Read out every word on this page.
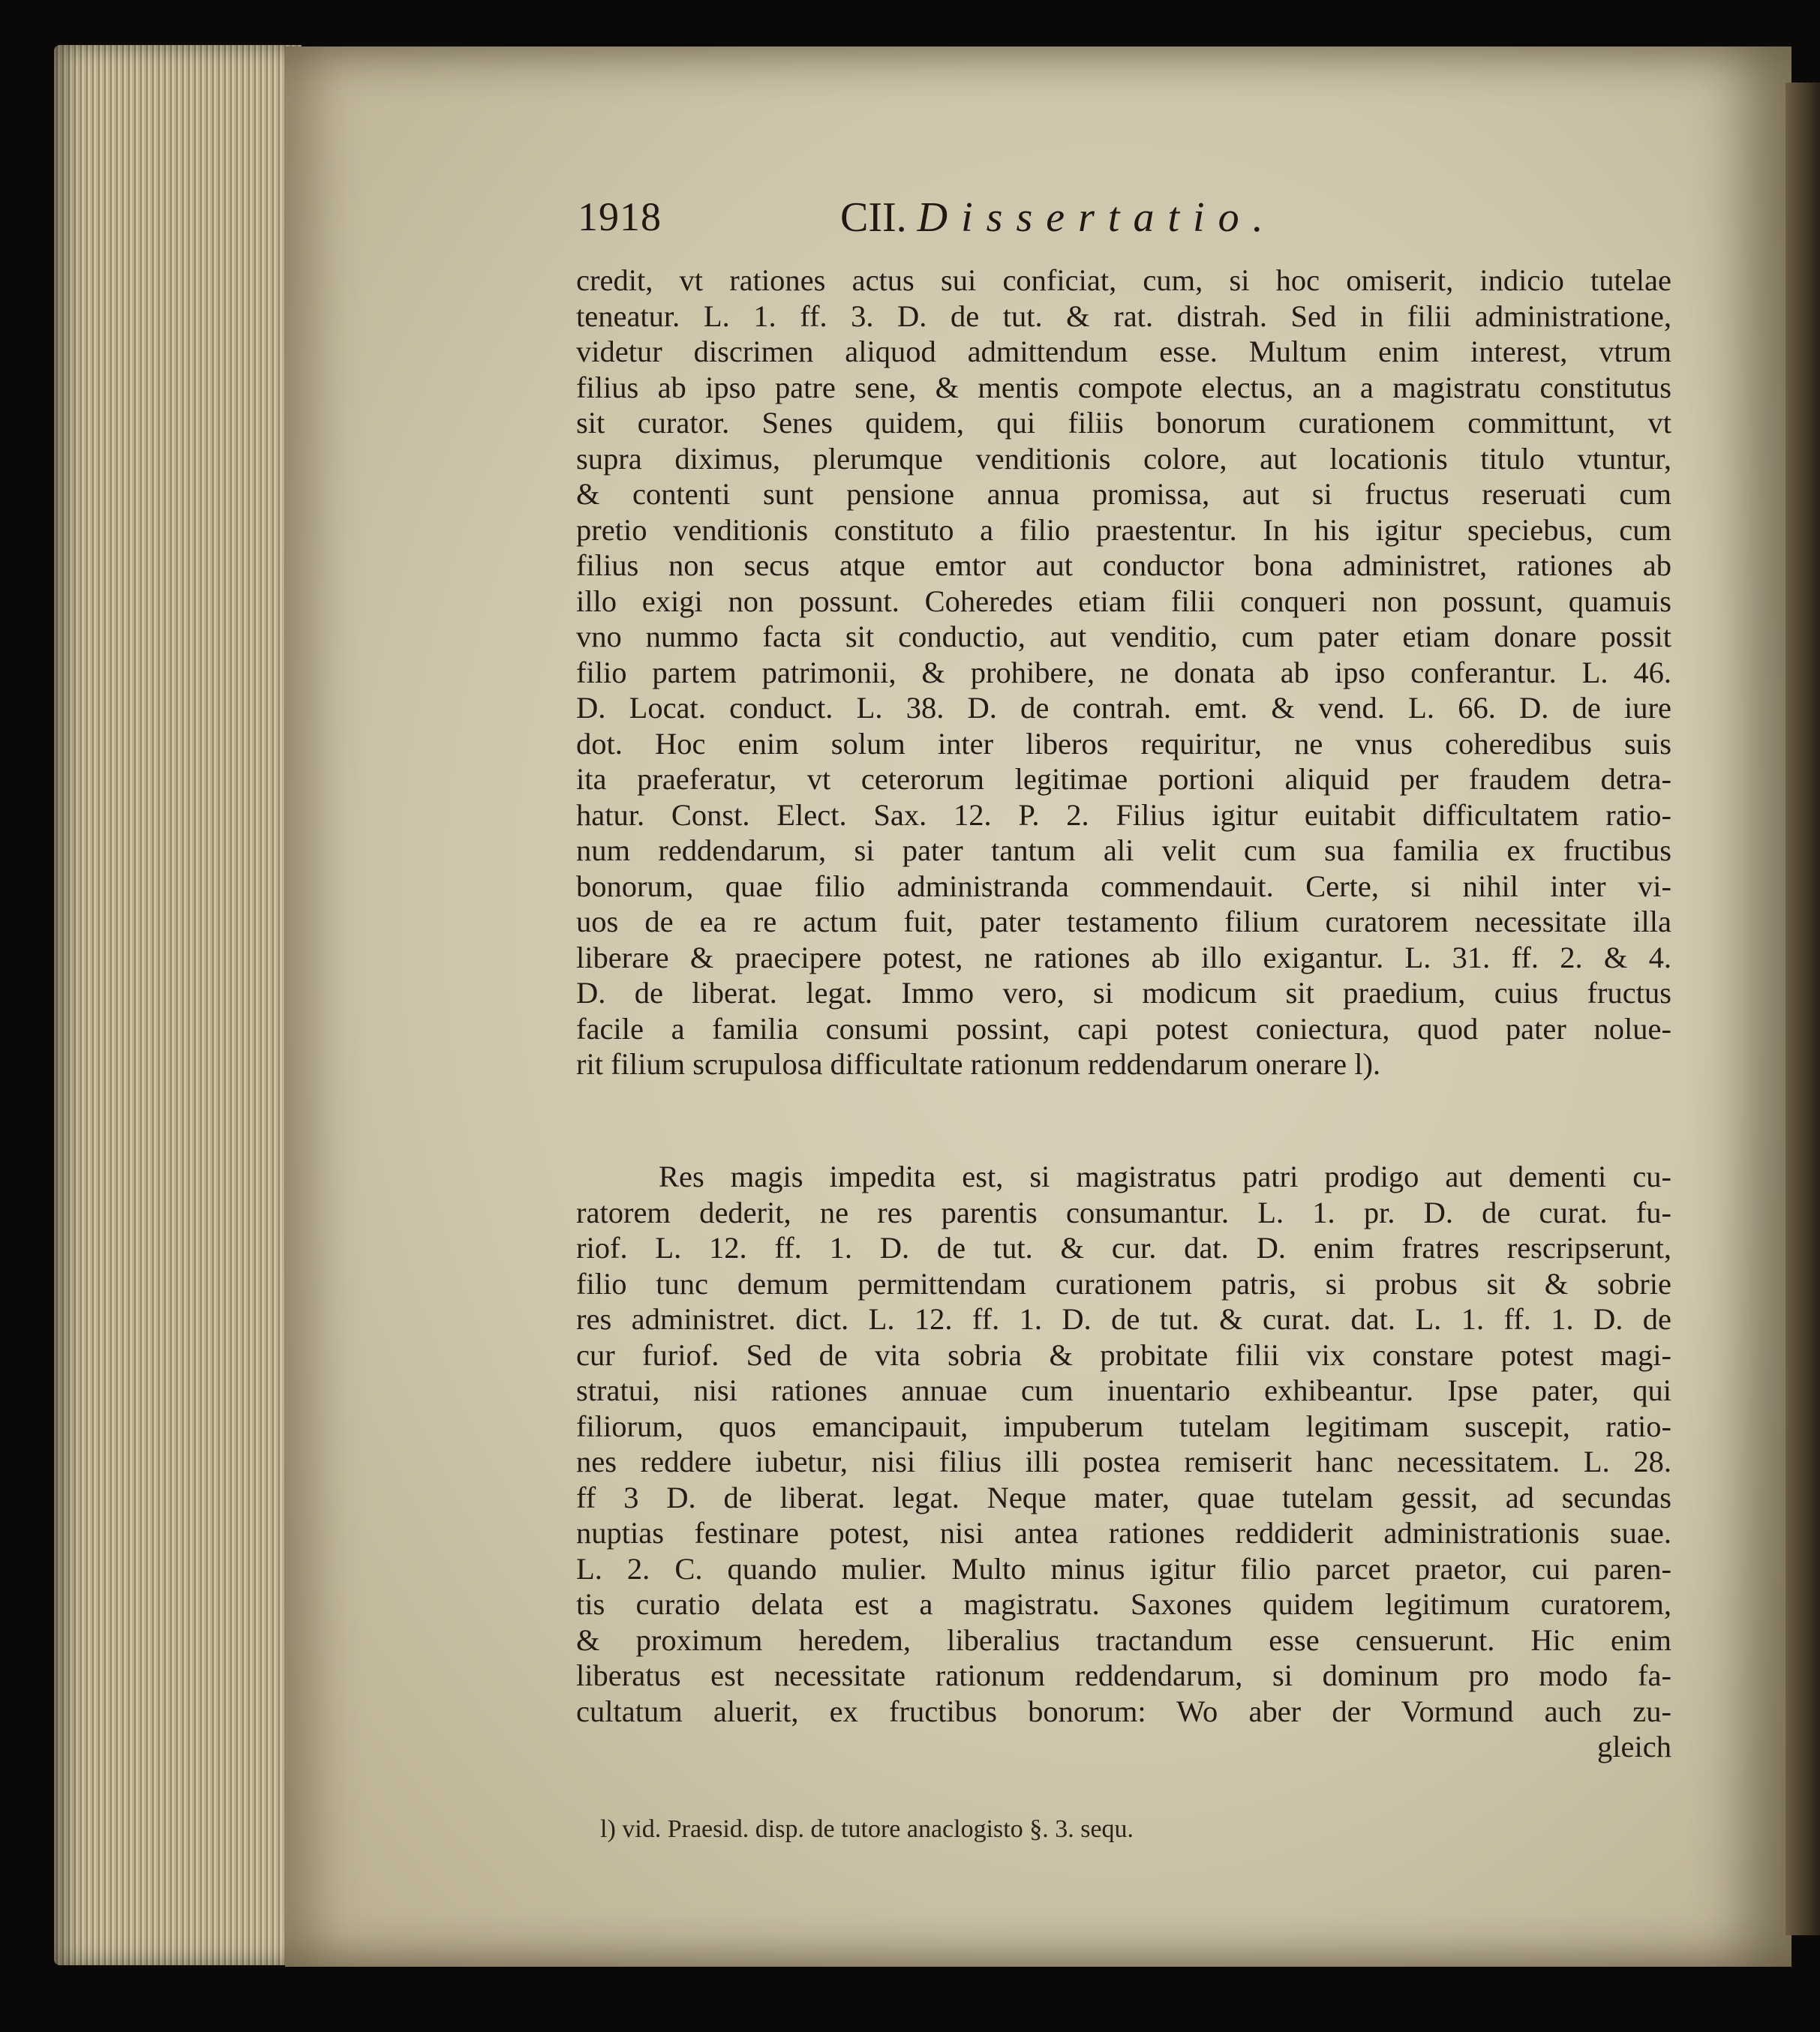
1918	CII. Dissertatio.
credit, vt rationes actus sui conficiat, cum, si hoc omiserit, indicio tutelae
teneatur. L. 1. ff. 3. D. de tut. & rat. distrah. Sed in filii administratione,
videtur discrimen aliquod admittendum esse. Multum enim interest, vtrum
filius ab ipso patre sene, & mentis compote electus, an a magistratu constitutus
sit curator. Senes quidem, qui filiis bonorum curationem committunt, vt
supra diximus, plerumque venditionis colore, aut locationis titulo vtuntur,
& contenti sunt pensione annua promissa, aut si fructus reseruati cum
pretio venditionis constituto a filio praestentur. In his igitur speciebus, cum
filius non secus atque emtor aut conductor bona administret, rationes ab
illo exigi non possunt. Coheredes etiam filii conqueri non possunt, quamuis
vno nummo facta sit conductio, aut venditio, cum pater etiam donare possit
filio partem patrimonii, & prohibere, ne donata ab ipso conferantur. L. 46.
D. Locat. conduct. L. 38. D. de contrah. emt. & vend. L. 66. D. de iure
dot. Hoc enim solum inter liberos requiritur, ne vnus coheredibus suis
ita praeferatur, vt ceterorum legitimae portioni aliquid per fraudem detra-
hatur. Const. Elect. Sax. 12. P. 2. Filius igitur euitabit difficultatem ratio-
num reddendarum, si pater tantum ali velit cum sua familia ex fructibus
bonorum, quae filio administranda commendauit. Certe, si nihil inter vi-
uos de ea re actum fuit, pater testamento filium curatorem necessitate illa
liberare & praecipere potest, ne rationes ab illo exigantur. L. 31. ff. 2. & 4.
D. de liberat. legat. Immo vero, si modicum sit praedium, cuius fructus
facile a familia consumi possint, capi potest coniectura, quod pater noluе-
rit filium scrupulosa difficultate rationum reddendarum onerare l).
Res magis impedita est, si magistratus patri prodigo aut dementi cu-
ratorem dederit, ne res parentis consumantur. L. 1. pr. D. de curat. fu-
riof. L. 12. ff. 1. D. de tut. & cur. dat. D. enim fratres rescripserunt,
filio tunc demum permittendam curationem patris, si probus sit & sobrie
res administret. dict. L. 12. ff. 1. D. de tut. & curat. dat. L. 1. ff. 1. D. de
cur furiof. Sed de vita sobria & probitate filii vix constare potest magi-
stratui, nisi rationes annuae cum inuentario exhibeantur. Ipse pater, qui
filiorum, quos emancipauit, impuberum tutelam legitimam suscepit, ratio-
nes reddere iubetur, nisi filius illi postea remiserit hanc necessitatem. L. 28.
ff 3 D. de liberat. legat. Neque mater, quae tutelam gessit, ad secundas
nuptias festinare potest, nisi antea rationes reddiderit administrationis suae.
L. 2. C. quando mulier. Multo minus igitur filio parcet praetor, cui paren-
tis curatio delata est a magistratu. Saxones quidem legitimum curatorem,
& proximum heredem, liberalius tractandum esse censuerunt. Hic enim
liberatus est necessitate rationum reddendarum, si dominum pro modo fa-
cultatum aluerit, ex fructibus bonorum: Wo aber der Vormund auch zu-
gleich
l) vid. Praesid. disp. de tutore anaclogisto §. 3. sequ.
